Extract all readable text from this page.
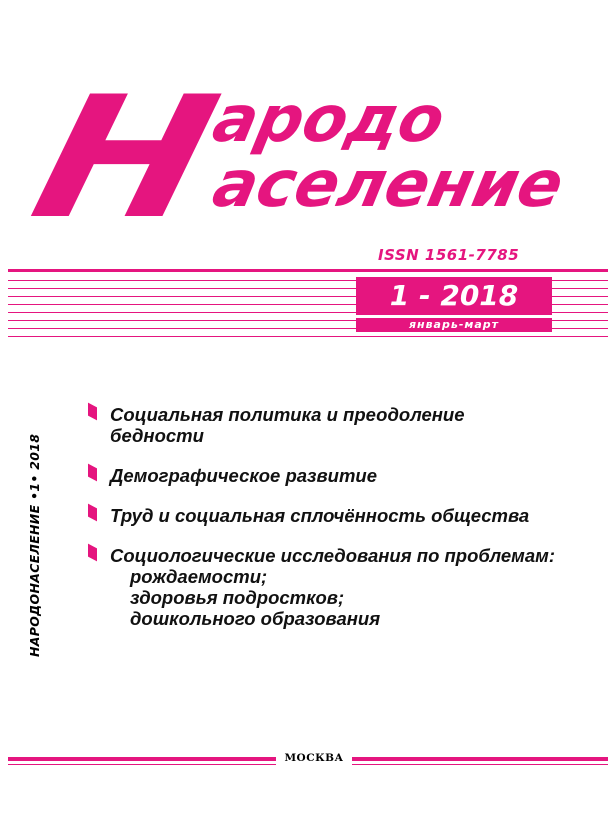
Н
ародо
аселение
ISSN 1561-7785
1 - 2018
январь-март
НАРОДОНАСЕЛЕНИЕ •1• 2018
Социальная политика и преодоление
бедности
Демографическое развитие
Труд и социальная сплочённость общества
Социологические исследования по проблемам:
рождаемости;
здоровья подростков;
дошкольного образования
МОСКВА
